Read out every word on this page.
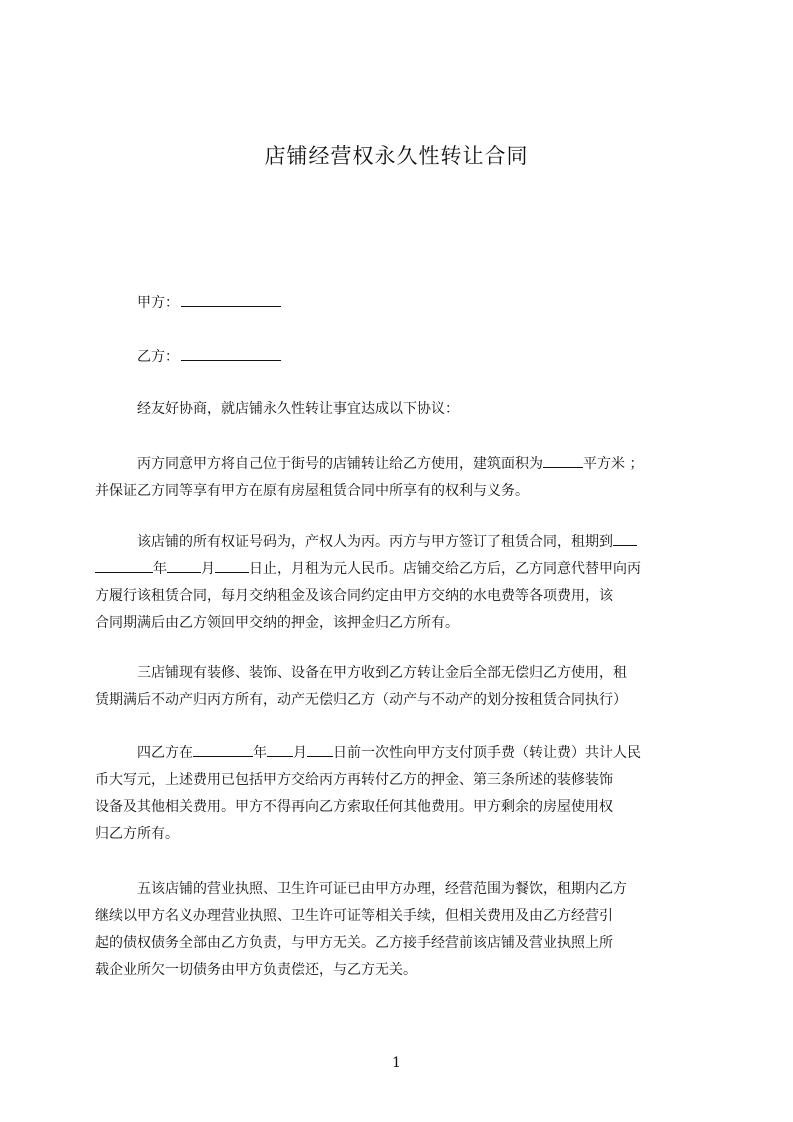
店铺经营权永久性转让合同
甲方：
乙方：
经友好协商，就店铺永久性转让事宜达成以下协议：
丙方同意甲方将自己位于街号的店铺转让给乙方使用，建筑面积为	平方米 ；
并保证乙方同等享有甲方在原有房屋租赁合同中所享有的权利与义务。
该店铺的所有权证号码为，产权人为丙。丙方与甲方签订了租赁合同，租期到
年 月 日止，月租为元人民币。店铺交给乙方后，乙方同意代替甲向丙
方履行该租赁合同，每月交纳租金及该合同约定由甲方交纳的水电费等各项费用，该
合同期满后由乙方领回甲交纳的押金，该押金归乙方所有。
三店铺现有装修、装饰、设备在甲方收到乙方转让金后全部无偿归乙方使用，租
赁期满后不动产归丙方所有，动产无偿归乙方（动产与不动产的划分按租赁合同执行）
四乙方在	年 月 日前一次性向甲方支付顶手费（转让费）共计人民
币大写元，上述费用已包括甲方交给丙方再转付乙方的押金、第三条所述的装修装饰
设备及其他相关费用。甲方不得再向乙方索取任何其他费用。甲方剩余的房屋使用权
归乙方所有。
五该店铺的营业执照、卫生许可证已由甲方办理，经营范围为餐饮，租期内乙方
继续以甲方名义办理营业执照、卫生许可证等相关手续，但相关费用及由乙方经营引
起的债权债务全部由乙方负责，与甲方无关。乙方接手经营前该店铺及营业执照上所
载企业所欠一切债务由甲方负责偿还，与乙方无关。
1
